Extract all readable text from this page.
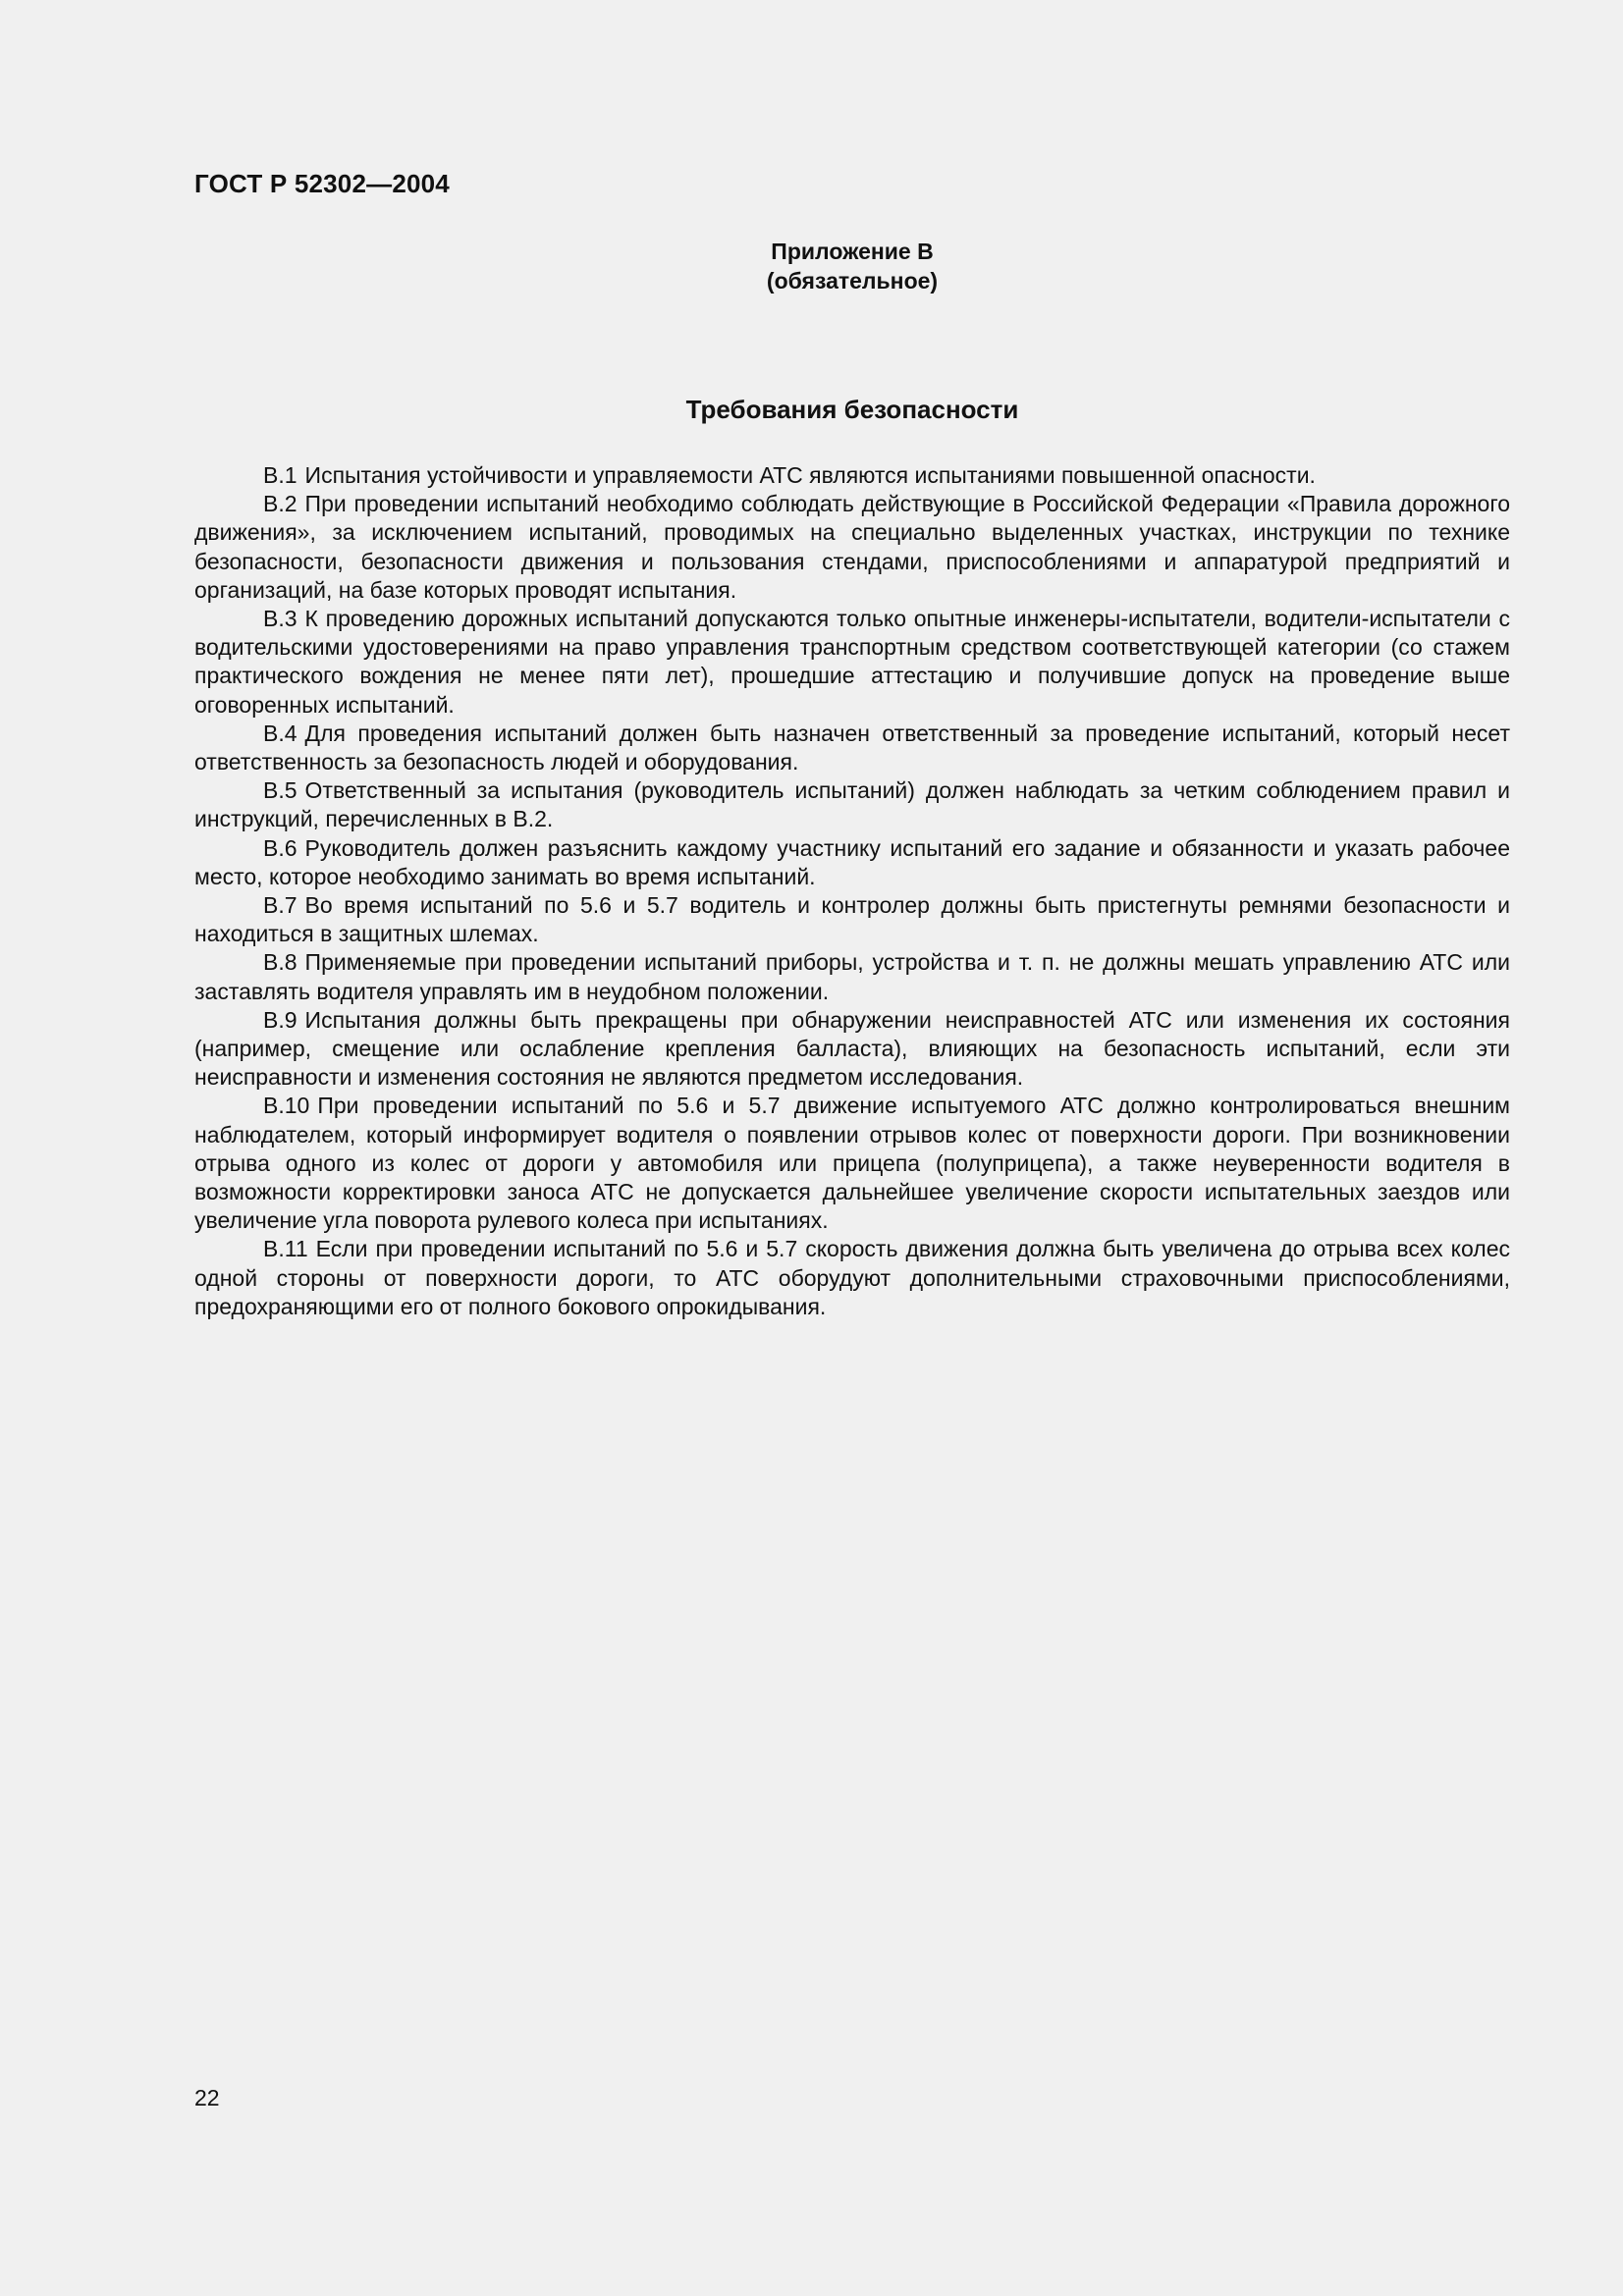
ГОСТ Р 52302—2004
Приложение В
(обязательное)
Требования безопасности

В.1 Испытания устойчивости и управляемости АТС являются испытаниями повышенной опасности.

В.2 При проведении испытаний необходимо соблюдать действующие в Российской Федерации «Правила дорожного движения», за исключением испытаний, проводимых на специально выделенных участках, инструкции по технике безопасности, безопасности движения и пользования стендами, приспособлениями и аппаратурой предприятий и организаций, на базе которых проводят испытания.

В.3 К проведению дорожных испытаний допускаются только опытные инженеры-испытатели, водители-испытатели с водительскими удостоверениями на право управления транспортным средством соответствующей категории (со стажем практического вождения не менее пяти лет), прошедшие аттестацию и получившие допуск на проведение выше оговоренных испытаний.

В.4 Для проведения испытаний должен быть назначен ответственный за проведение испытаний, который несет ответственность за безопасность людей и оборудования.

В.5 Ответственный за испытания (руководитель испытаний) должен наблюдать за четким соблюдением правил и инструкций, перечисленных в В.2.

В.6 Руководитель должен разъяснить каждому участнику испытаний его задание и обязанности и указать рабочее место, которое необходимо занимать во время испытаний.

В.7 Во время испытаний по 5.6 и 5.7 водитель и контролер должны быть пристегнуты ремнями безопасности и находиться в защитных шлемах.

В.8 Применяемые при проведении испытаний приборы, устройства и т. п. не должны мешать управлению АТС или заставлять водителя управлять им в неудобном положении.

В.9 Испытания должны быть прекращены при обнаружении неисправностей АТС или изменения их состояния (например, смещение или ослабление крепления балласта), влияющих на безопасность испытаний, если эти неисправности и изменения состояния не являются предметом исследования.

В.10 При проведении испытаний по 5.6 и 5.7 движение испытуемого АТС должно контролироваться внешним наблюдателем, который информирует водителя о появлении отрывов колес от поверхности дороги. При возникновении отрыва одного из колес от дороги у автомобиля или прицепа (полуприцепа), а также неуверенности водителя в возможности корректировки заноса АТС не допускается дальнейшее увеличение скорости испытательных заездов или увеличение угла поворота рулевого колеса при испытаниях.

В.11 Если при проведении испытаний по 5.6 и 5.7 скорость движения должна быть увеличена до отрыва всех колес одной стороны от поверхности дороги, то АТС оборудуют дополнительными страховочными приспособлениями, предохраняющими его от полного бокового опрокидывания.

22
